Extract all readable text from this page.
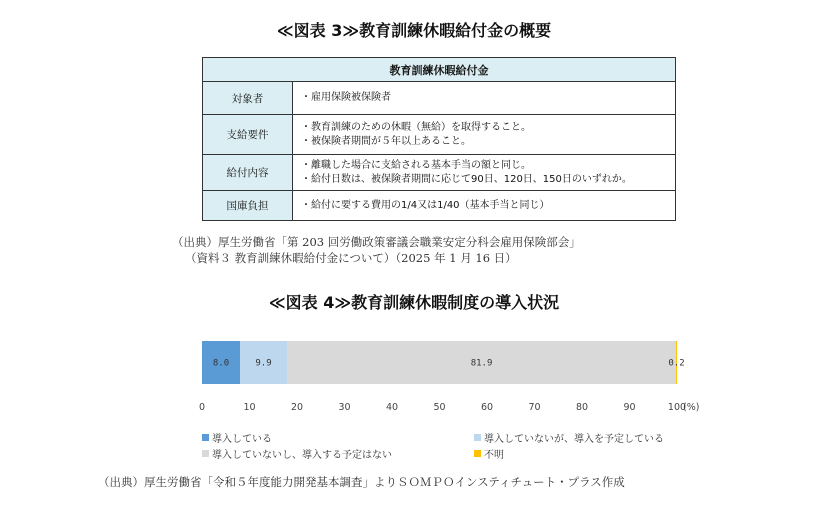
≪図表 3≫教育訓練休暇給付金の概要
教育訓練休暇給付金	
対象者	・雇用保険被保険者

支給要件	・教育訓練のための休暇（無給）を取得すること。
・被保険者期間が５年以上あること。

給付内容	・離職した場合に支給される基本手当の額と同じ。
・給付日数は、被保険者期間に応じて90日、120日、150日のいずれか。

国庫負担	・給付に要する費用の1/4又は1/40（基本手当と同じ）
（出典）厚生労働省「第 203 回労働政策審議会職業安定分科会雇用保険部会」
（資料３ 教育訓練休暇給付金について）（2025 年 1 月 16 日）
≪図表 4≫教育訓練休暇制度の導入状況
8.0	9.9	81.9	0.2
0	10	20	30	40	50	60	70	80	90	100
(%)
導入している	導入していないが、導入を予定している
導入していないし、導入する予定はない	不明
（出典）厚生労働省「令和５年度能力開発基本調査」よりＳＯＭＰＯインスティチュート・プラス作成
